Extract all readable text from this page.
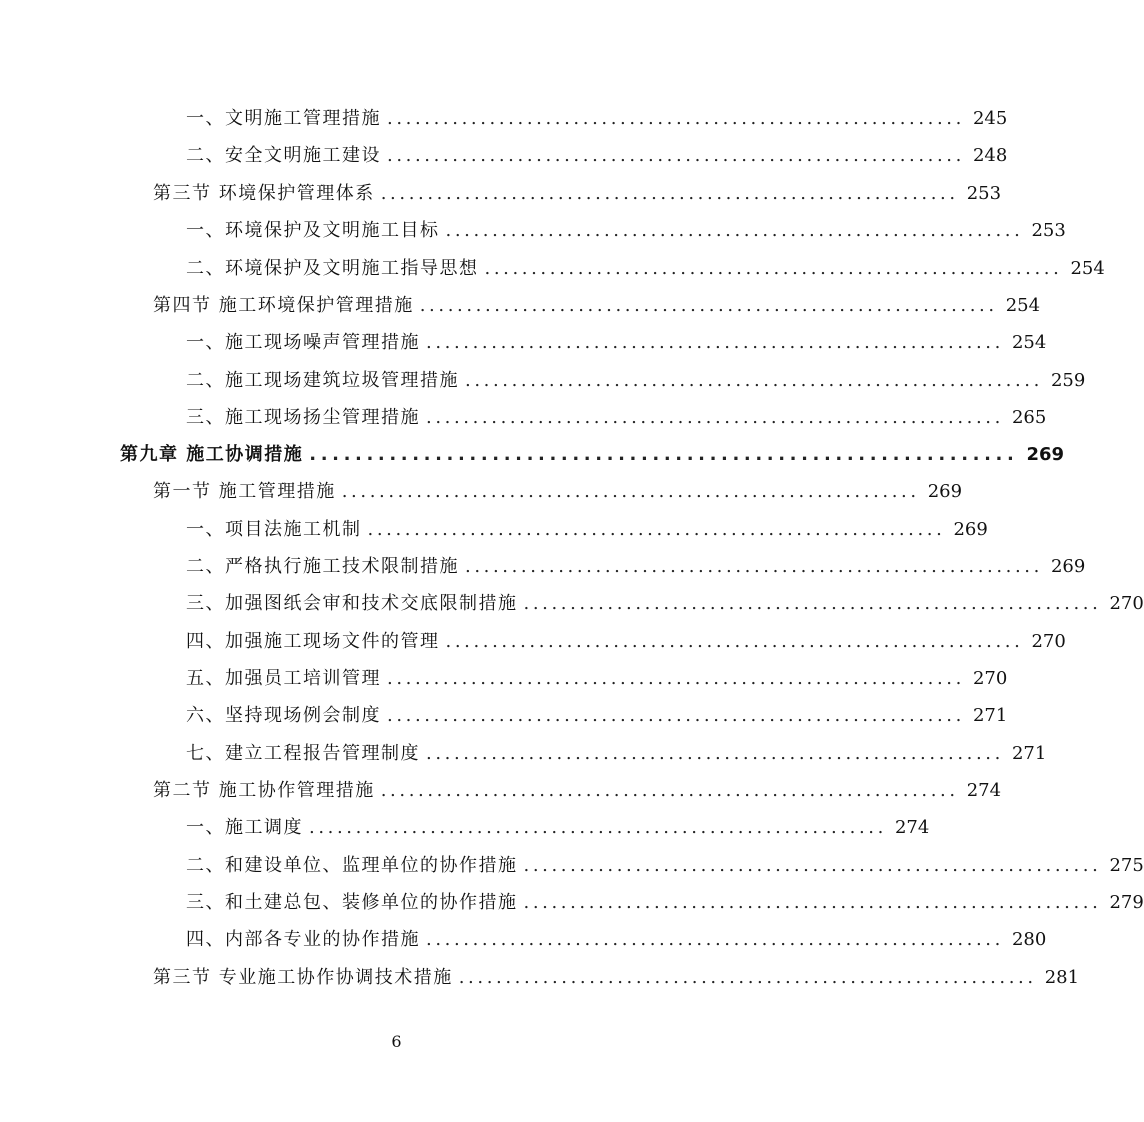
一、文明施工管理措施 .............................................................. 245
二、安全文明施工建设 .............................................................. 248
第三节 环境保护管理体系 .............................................................. 253
一、环境保护及文明施工目标 .............................................................. 253
二、环境保护及文明施工指导思想 .............................................................. 254
第四节 施工环境保护管理措施 .............................................................. 254
一、施工现场噪声管理措施 .............................................................. 254
二、施工现场建筑垃圾管理措施 .............................................................. 259
三、施工现场扬尘管理措施 .............................................................. 265
第九章 施工协调措施 .............................................................. 269
第一节 施工管理措施 .............................................................. 269
一、项目法施工机制 .............................................................. 269
二、严格执行施工技术限制措施 .............................................................. 269
三、加强图纸会审和技术交底限制措施 .............................................................. 270
四、加强施工现场文件的管理 .............................................................. 270
五、加强员工培训管理 .............................................................. 270
六、坚持现场例会制度 .............................................................. 271
七、建立工程报告管理制度 .............................................................. 271
第二节 施工协作管理措施 .............................................................. 274
一、施工调度 .............................................................. 274
二、和建设单位、监理单位的协作措施 .............................................................. 275
三、和土建总包、装修单位的协作措施 .............................................................. 279
四、内部各专业的协作措施 .............................................................. 280
第三节 专业施工协作协调技术措施 .............................................................. 281
6
